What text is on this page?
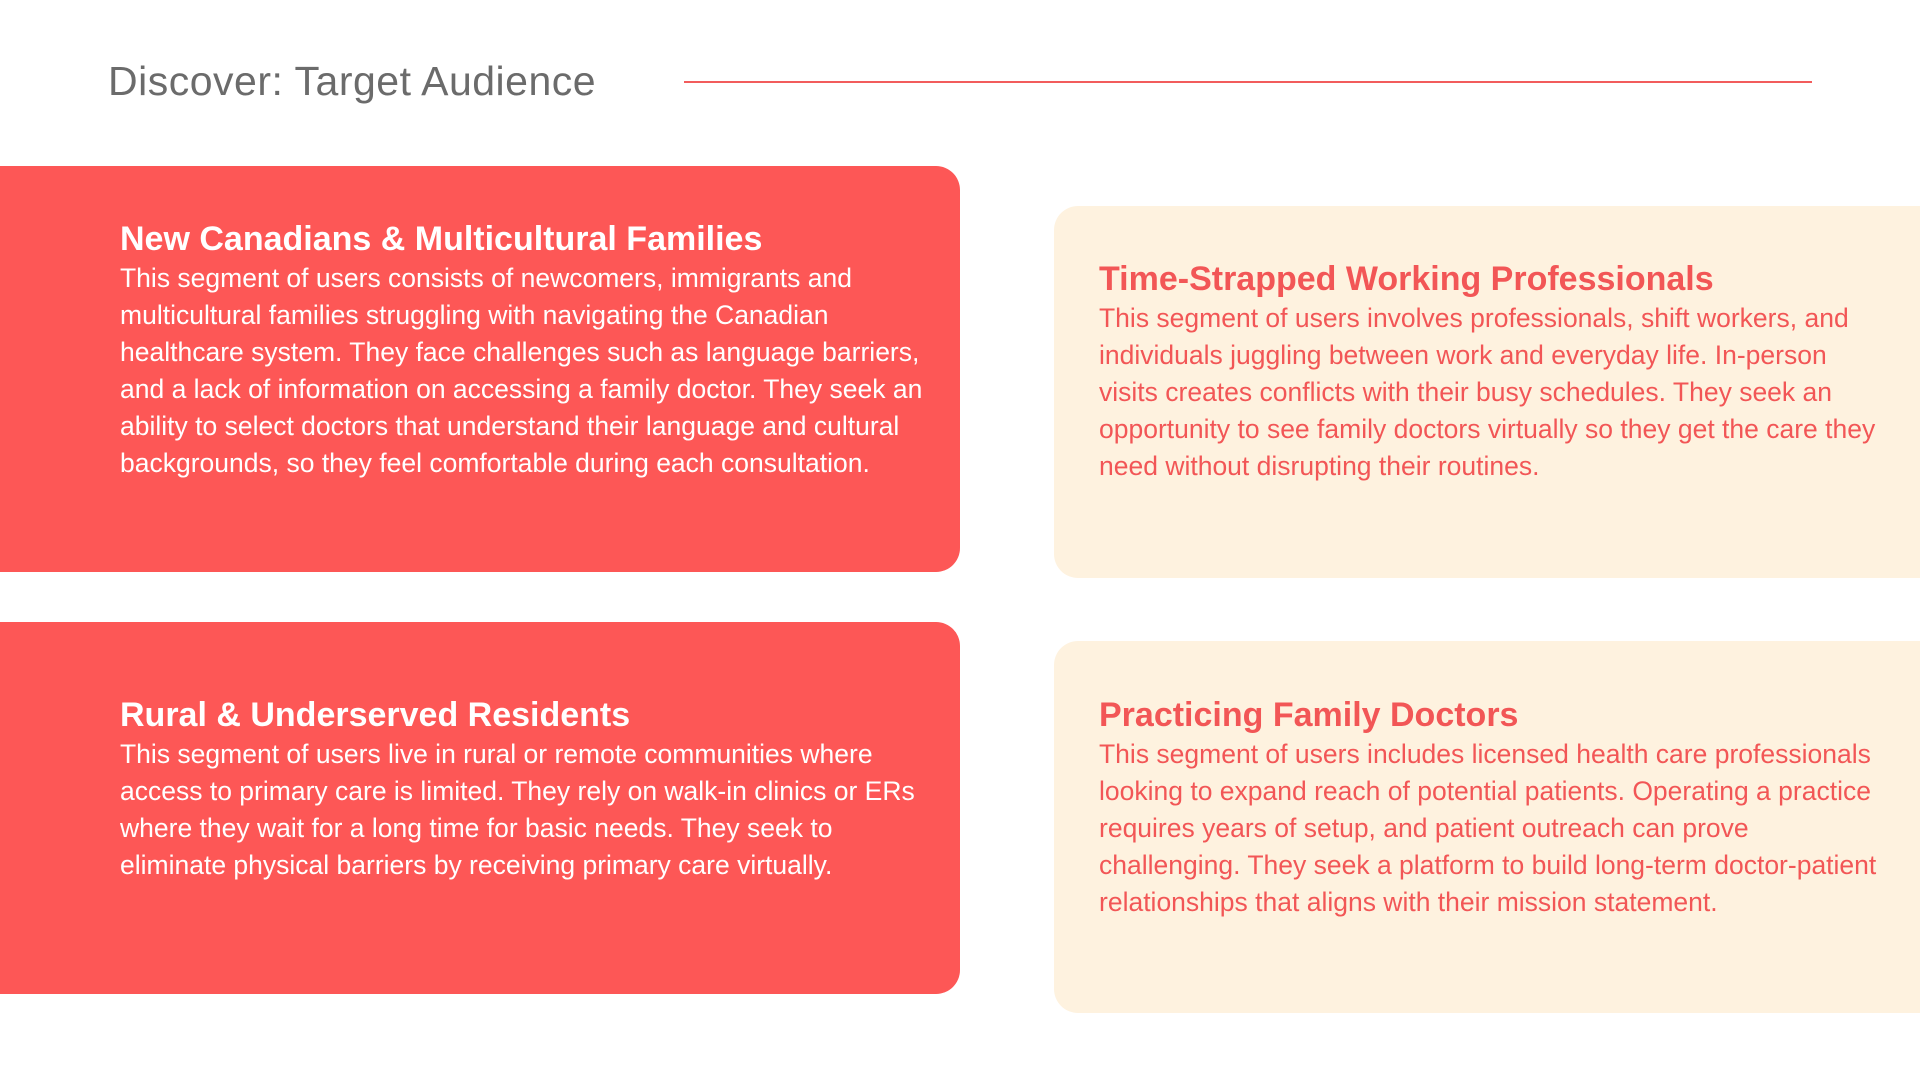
Discover: Target Audience
New Canadians & Multicultural Families

This segment of users consists of newcomers, immigrants and multicultural families struggling with navigating the Canadian healthcare system. They face challenges such as language barriers, and a lack of information on accessing a family doctor. They seek an ability to select doctors that understand their language and cultural backgrounds, so they feel comfortable during each consultation.

Time-Strapped Working Professionals

This segment of users involves professionals, shift workers, and individuals juggling between work and everyday life. In-person visits creates conflicts with their busy schedules. They seek an opportunity to see family doctors virtually so they get the care they need without disrupting their routines.

Rural & Underserved Residents

This segment of users live in rural or remote communities where access to primary care is limited. They rely on walk-in clinics or ERs where they wait for a long time for basic needs. They seek to eliminate physical barriers by receiving primary care virtually.

Practicing Family Doctors

This segment of users includes licensed health care professionals looking to expand reach of potential patients. Operating a practice requires years of setup, and patient outreach can prove challenging. They seek a platform to build long-term doctor-patient relationships that aligns with their mission statement.
